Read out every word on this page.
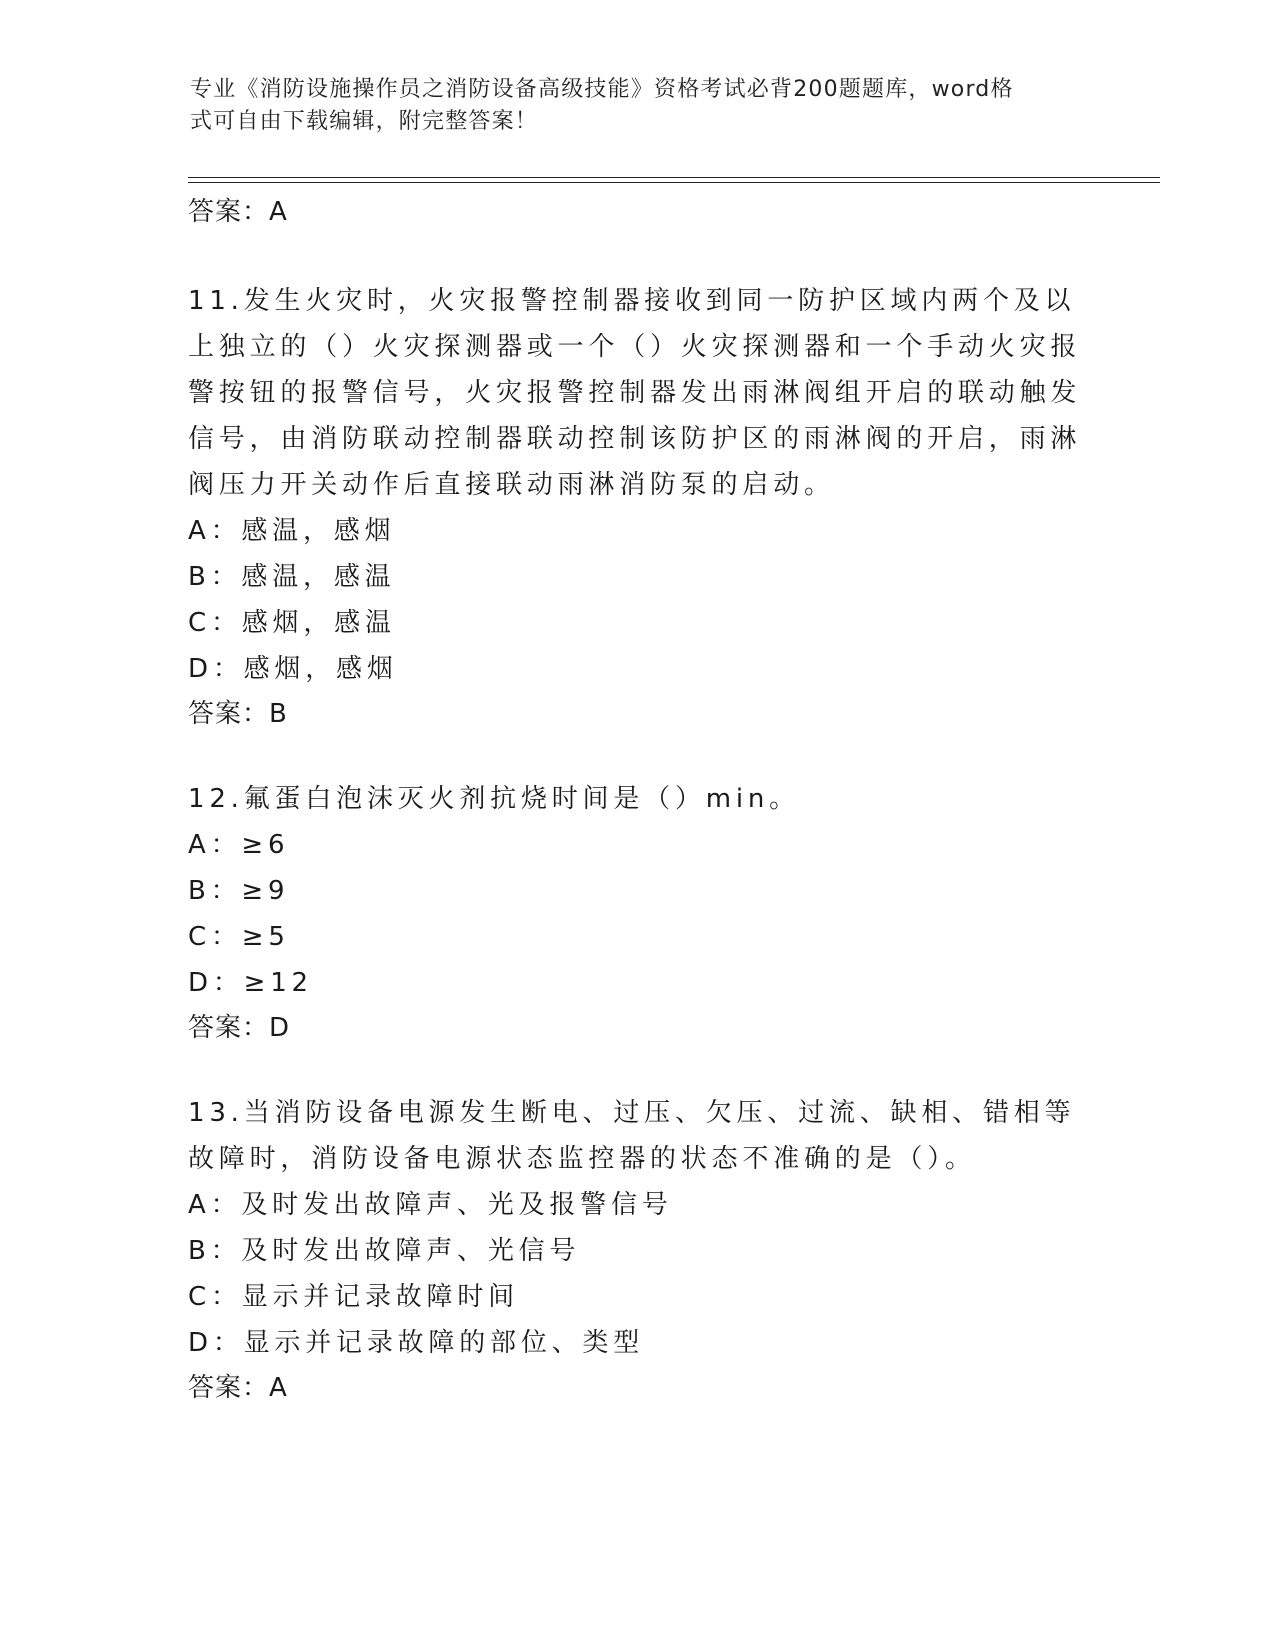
专业《消防设施操作员之消防设备高级技能》资格考试必背200题题库，word格
式可自由下载编辑，附完整答案！

答案：A

11.发生火灾时，火灾报警控制器接收到同一防护区域内两个及以上独立的（）火灾探测器或一个（）火灾探测器和一个手动火灾报警按钮的报警信号，火灾报警控制器发出雨淋阀组开启的联动触发信号，由消防联动控制器联动控制该防护区的雨淋阀的开启，雨淋阀压力开关动作后直接联动雨淋消防泵的启动。

A：感温，感烟

B：感温，感温

C：感烟，感温

D：感烟，感烟

答案：B

12.氟蛋白泡沫灭火剂抗烧时间是（）min。

A：≥6

B：≥9

C：≥5

D：≥12

答案：D

13.当消防设备电源发生断电、过压、欠压、过流、缺相、错相等故障时，消防设备电源状态监控器的状态不准确的是（）。

A：及时发出故障声、光及报警信号

B：及时发出故障声、光信号

C：显示并记录故障时间

D：显示并记录故障的部位、类型

答案：A
